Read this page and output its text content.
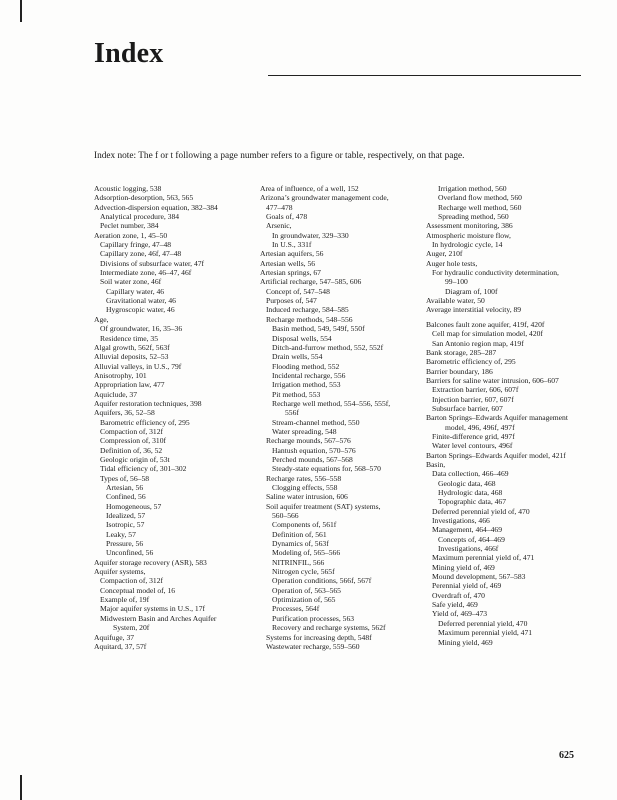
Index

Index note: The f or t following a page number refers to a figure or table, respectively, on that page.

Acoustic logging, 538
Adsorption-desorption, 563, 565
Advection-dispersion equation, 382–384
Analytical procedure, 384
Peclet number, 384
Aeration zone, 1, 45–50
Capillary fringe, 47–48
Capillary zone, 46f, 47–48
Divisions of subsurface water, 47f
Intermediate zone, 46–47, 46f
Soil water zone, 46f
Capillary water, 46
Gravitational water, 46
Hygroscopic water, 46
Age,
Of groundwater, 16, 35–36
Residence time, 35
Algal growth, 562f, 563f
Alluvial deposits, 52–53
Alluvial valleys, in U.S., 79f
Anisotrophy, 101
Appropriation law, 477
Aquiclude, 37
Aquifer restoration techniques, 398
Aquifers, 36, 52–58
Barometric efficiency of, 295
Compaction of, 312f
Compression of, 310f
Definition of, 36, 52
Geologic origin of, 53t
Tidal efficiency of, 301–302
Types of, 56–58
Artesian, 56
Confined, 56
Homogeneous, 57
Idealized, 57
Isotropic, 57
Leaky, 57
Pressure, 56
Unconfined, 56
Aquifer storage recovery (ASR), 583
Aquifer systems,
Compaction of, 312f
Conceptual model of, 16
Example of, 19f
Major aquifer systems in U.S., 17f
Midwestern Basin and Arches Aquifer
System, 20f
Aquifuge, 37
Aquitard, 37, 57f
Area of influence, of a well, 152
Arizona’s groundwater management code,
477–478
Goals of, 478
Arsenic,
In groundwater, 329–330
In U.S., 331f
Artesian aquifers, 56
Artesian wells, 56
Artesian springs, 67
Artificial recharge, 547–585, 606
Concept of, 547–548
Purposes of, 547
Induced recharge, 584–585
Recharge methods, 548–556
Basin method, 549, 549f, 550f
Disposal wells, 554
Ditch-and-furrow method, 552, 552f
Drain wells, 554
Flooding method, 552
Incidental recharge, 556
Irrigation method, 553
Pit method, 553
Recharge well method, 554–556, 555f,
556f
Stream-channel method, 550
Water spreading, 548
Recharge mounds, 567–576
Hantush equation, 570–576
Perched mounds, 567–568
Steady-state equations for, 568–570
Recharge rates, 556–558
Clogging effects, 558
Saline water intrusion, 606
Soil aquifer treatment (SAT) systems,
560–566
Components of, 561f
Definition of, 561
Dynamics of, 563f
Modeling of, 565–566
NITRINFIL, 566
Nitrogen cycle, 565f
Operation conditions, 566f, 567f
Operation of, 563–565
Optimization of, 565
Processes, 564f
Purification processes, 563
Recovery and recharge systems, 562f
Systems for increasing depth, 548f
Wastewater recharge, 559–560
Irrigation method, 560
Overland flow method, 560
Recharge well method, 560
Spreading method, 560
Assessment monitoring, 386
Atmospheric moisture flow,
In hydrologic cycle, 14
Auger, 210f
Auger hole tests,
For hydraulic conductivity determination,
99–100
Diagram of, 100f
Available water, 50
Average interstitial velocity, 89
Balcones fault zone aquifer, 419f, 420f
Cell map for simulation model, 420f
San Antonio region map, 419f
Bank storage, 285–287
Barometric efficiency of, 295
Barrier boundary, 186
Barriers for saline water intrusion, 606–607
Extraction barrier, 606, 607f
Injection barrier, 607, 607f
Subsurface barrier, 607
Barton Springs–Edwards Aquifer management
model, 496, 496f, 497f
Finite-difference grid, 497f
Water level contours, 496f
Barton Springs–Edwards Aquifer model, 421f
Basin,
Data collection, 466–469
Geologic data, 468
Hydrologic data, 468
Topographic data, 467
Deferred perennial yield of, 470
Investigations, 466
Management, 464–469
Concepts of, 464–469
Investigations, 466f
Maximum perennial yield of, 471
Mining yield of, 469
Mound development, 567–583
Perennial yield of, 469
Overdraft of, 470
Safe yield, 469
Yield of, 469–473
Deferred perennial yield, 470
Maximum perennial yield, 471
Mining yield, 469

625
